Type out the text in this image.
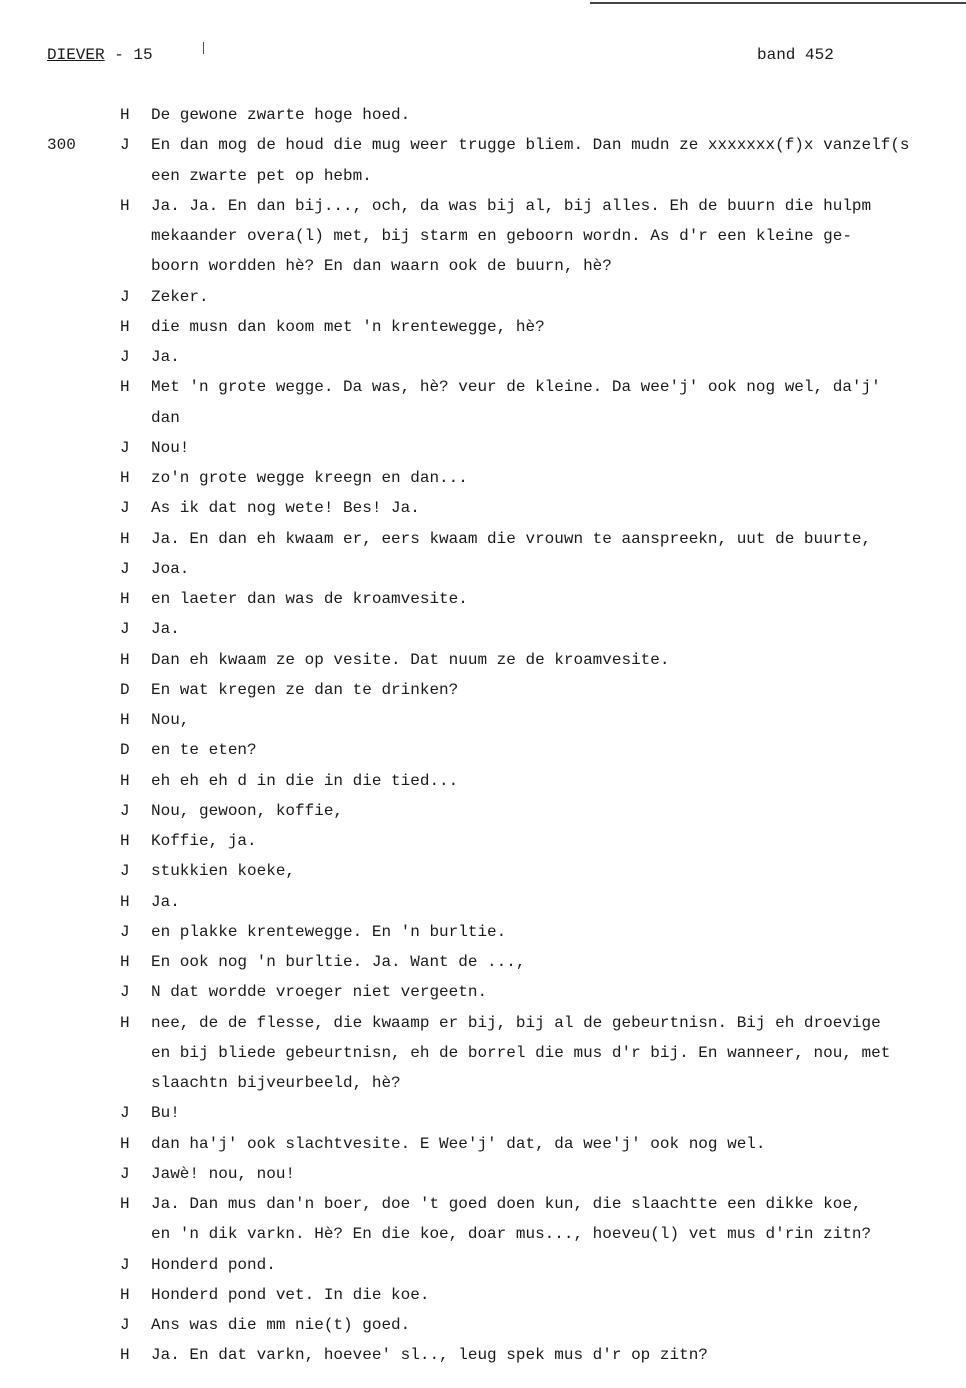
DIEVER - 15	band 452
H De gewone zwarte hoge hoed.
300	J En dan mog de houd die mug weer trugge bliem. Dan mudn ze xxxxxxx(f)x vanzelf(s
een zwarte pet op hebm.
H Ja. Ja. En dan bij..., och, da was bij al, bij alles. Eh de buurn die hulpm
mekaander overa(l) met, bij starm en geboorn wordn. As d'r een kleine ge-
boorn wordden hè? En dan waarn ook de buurn, hè?
J Zeker.
H die musn dan koom met 'n krentewegge, hè?
J Ja.
H Met 'n grote wegge. Da was, hè? veur de kleine. Da wee'j' ook nog wel, da'j'
dan
J Nou!
H zo'n grote wegge kreegn en dan...
J As ik dat nog wete! Bes! Ja.
H Ja. En dan eh kwaam er, eers kwaam die vrouwn te aanspreekn, uut de buurte,
J Joa.
H en laeter dan was de kroamvesite.
J Ja.
H Dan eh kwaam ze op vesite. Dat nuum ze de kroamvesite.
D En wat kregen ze dan te drinken?
H Nou,
D en te eten?
H eh eh eh d in die in die tied...
J Nou, gewoon, koffie,
H Koffie, ja.
J stukkien koeke,
H Ja.
J en plakke krentewegge. En 'n burltie.
H En ook nog 'n burltie. Ja. Want de ...,
J N dat wordde vroeger niet vergeetn.
H nee, de de flesse, die kwaamp er bij, bij al de gebeurtnisn. Bij eh droevige
en bij bliede gebeurtnisn, eh de borrel die mus d'r bij. En wanneer, nou, met
slaachtn bijveurbeeld, hè?
J Bu!
H dan ha'j' ook slachtvesite. E Wee'j' dat, da wee'j' ook nog wel.
J Jawè! nou, nou!
H Ja. Dan mus dan'n boer, doe 't goed doen kun, die slaachtte een dikke koe,
en 'n dik varkn. Hè? En die koe, doar mus..., hoeveu(l) vet mus d'rin zitn?
J Honderd pond.
H Honderd pond vet. In die koe.
J Ans was die mm nie(t) goed.
H Ja. En dat varkn, hoevee' sl.., leug spek mus d'r op zitn?
